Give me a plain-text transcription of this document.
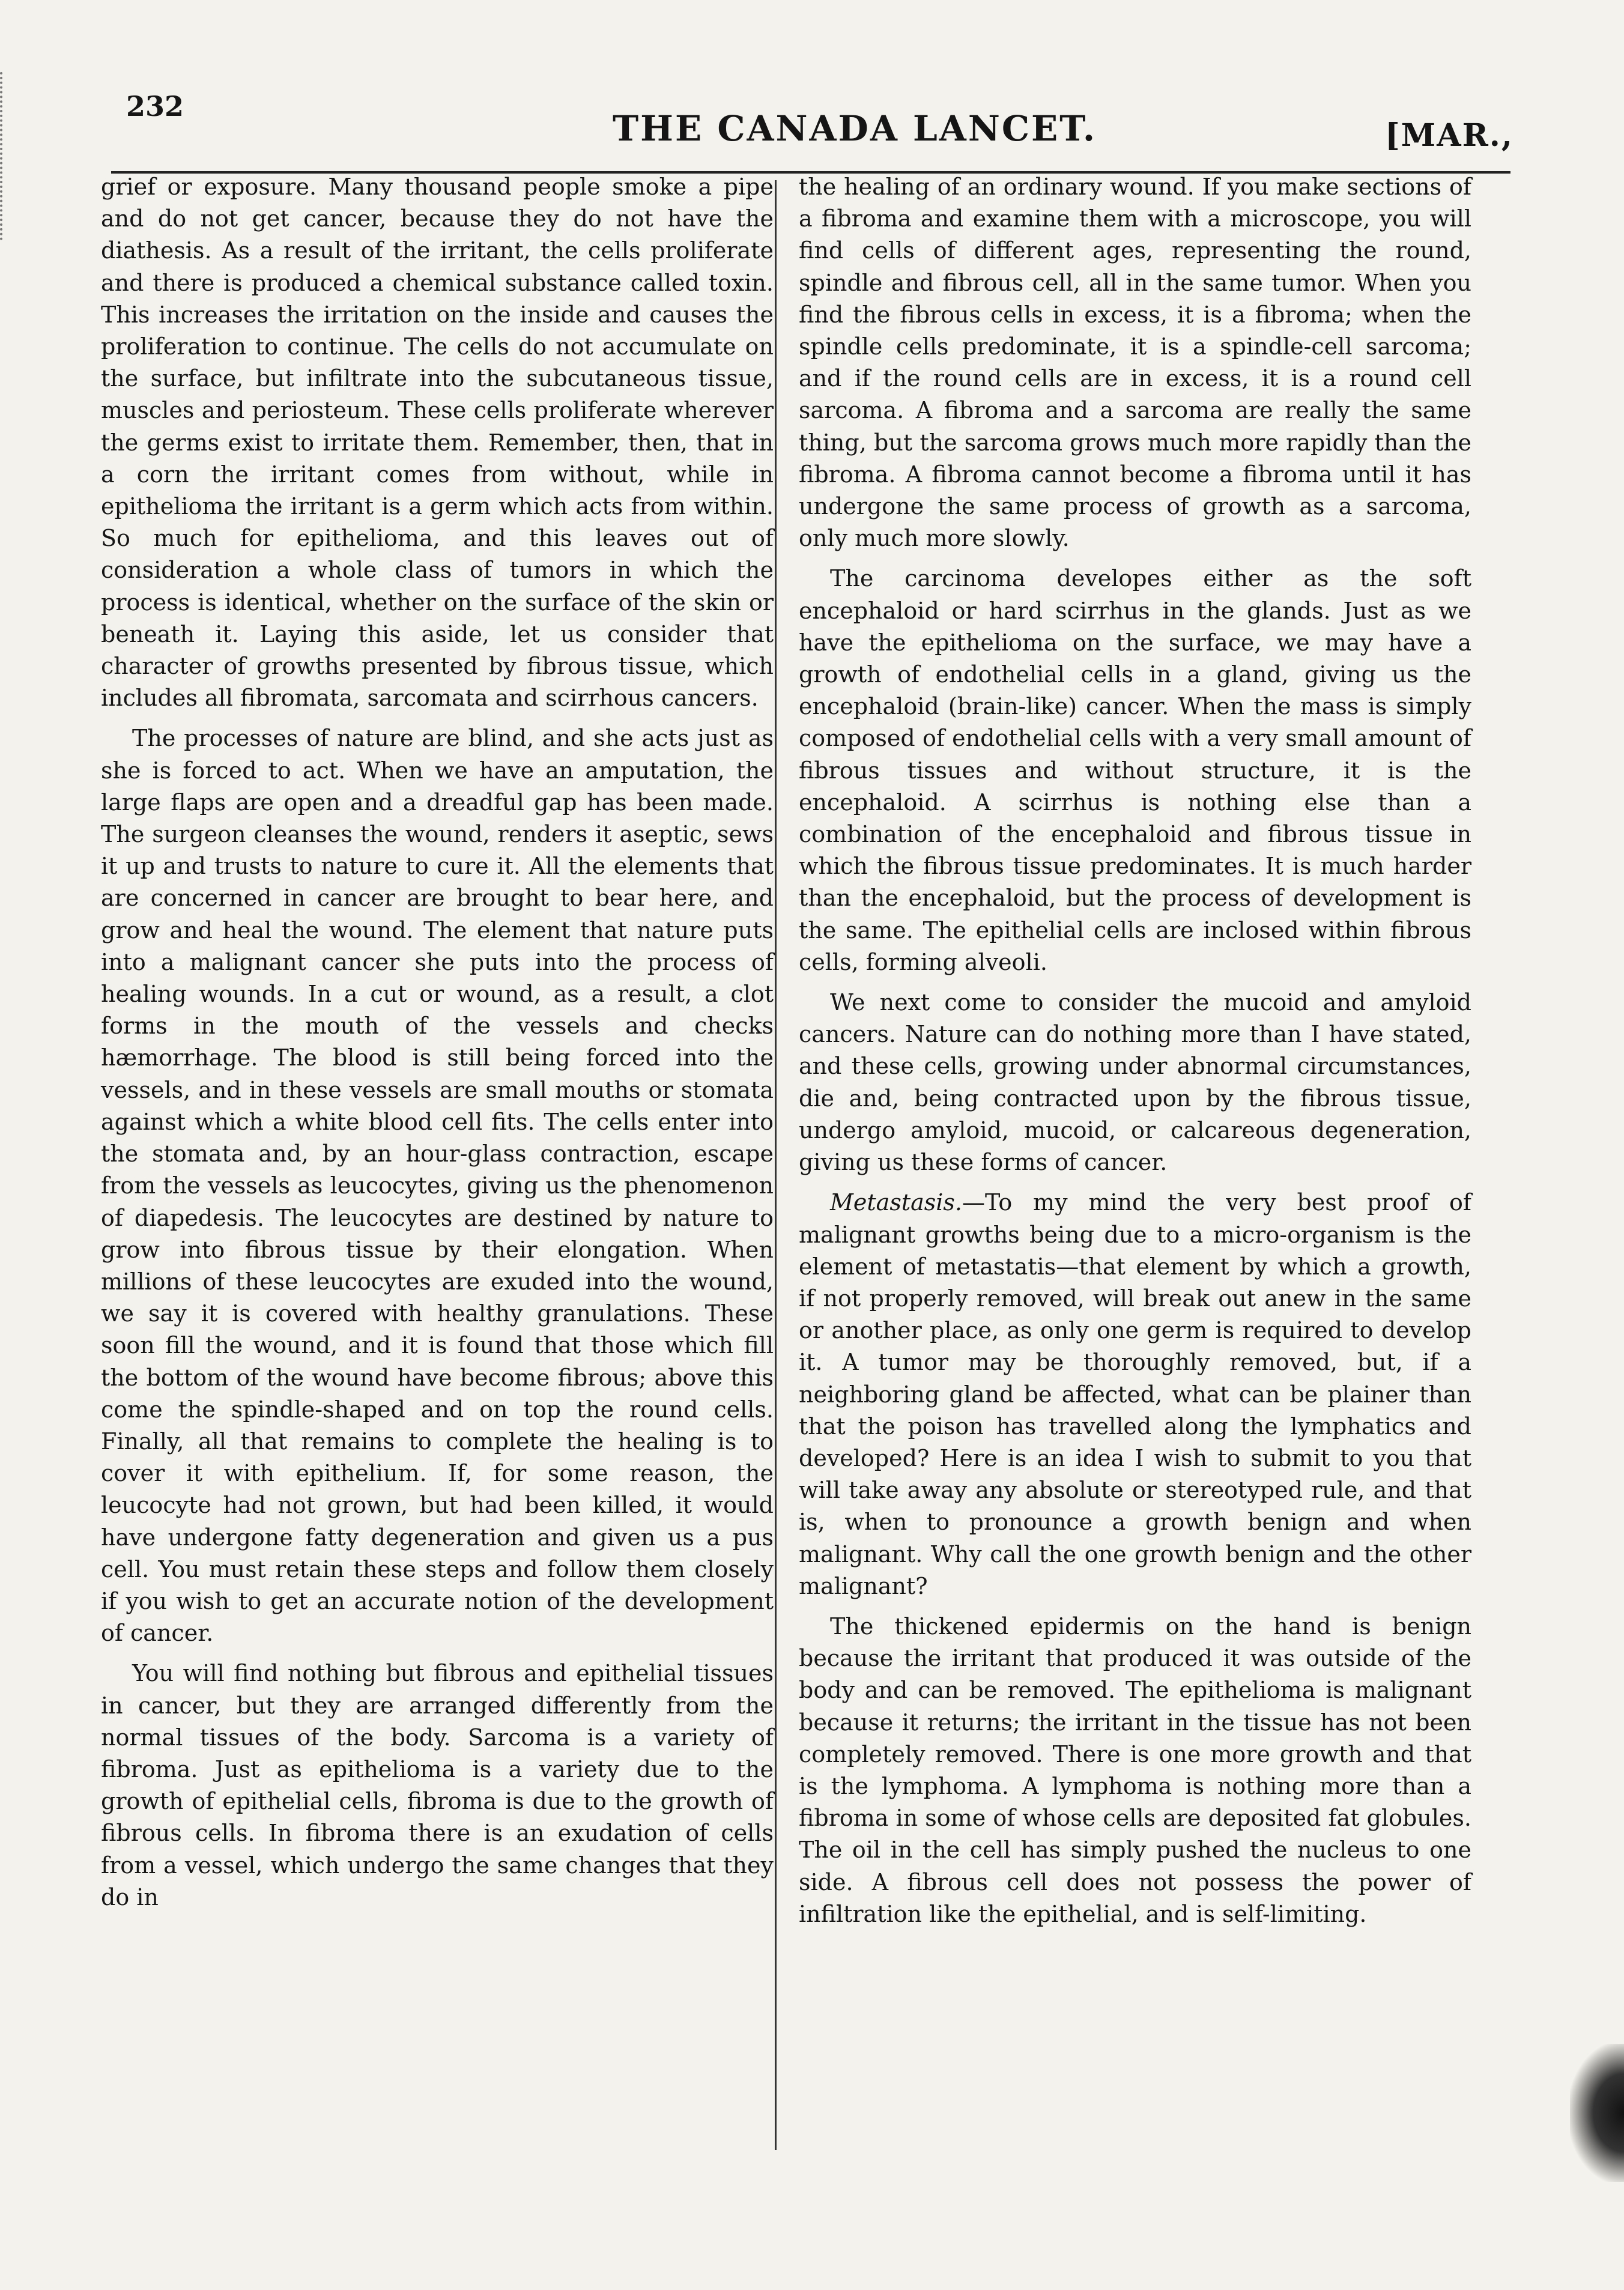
232
THE CANADA LANCET.	[MAR.,

grief or exposure. Many thousand people smoke a pipe and do not get cancer, because they do not have the diathesis. As a result of the irritant, the cells proliferate and there is produced a chemical substance called toxin. This increases the irritation on the inside and causes the proliferation to continue. The cells do not accumulate on the surface, but infiltrate into the subcutaneous tissue, muscles and periosteum. These cells proliferate wherever the germs exist to irritate them. Remember, then, that in a corn the irritant comes from without, while in epithelioma the irritant is a germ which acts from within. So much for epithelioma, and this leaves out of consideration a whole class of tumors in which the process is identical, whether on the surface of the skin or beneath it. Laying this aside, let us consider that character of growths presented by fibrous tissue, which includes all fibromata, sarcomata and scirrhous cancers.

The processes of nature are blind, and she acts just as she is forced to act. When we have an amputation, the large flaps are open and a dreadful gap has been made. The surgeon cleanses the wound, renders it aseptic, sews it up and trusts to nature to cure it. All the elements that are concerned in cancer are brought to bear here, and grow and heal the wound. The element that nature puts into a malignant cancer she puts into the process of healing wounds. In a cut or wound, as a result, a clot forms in the mouth of the vessels and checks hæmorrhage. The blood is still being forced into the vessels, and in these vessels are small mouths or stomata against which a white blood cell fits. The cells enter into the stomata and, by an hour-glass contraction, escape from the vessels as leucocytes, giving us the phenomenon of diapedesis. The leucocytes are destined by nature to grow into fibrous tissue by their elongation. When millions of these leucocytes are exuded into the wound, we say it is covered with healthy granulations. These soon fill the wound, and it is found that those which fill the bottom of the wound have become fibrous; above this come the spindle-shaped and on top the round cells. Finally, all that remains to complete the healing is to cover it with epithelium. If, for some reason, the leucocyte had not grown, but had been killed, it would have undergone fatty degeneration and given us a pus cell. You must retain these steps and follow them closely if you wish to get an accurate notion of the development of cancer.

You will find nothing but fibrous and epithelial tissues in cancer, but they are arranged differently from the normal tissues of the body. Sarcoma is a variety of fibroma. Just as epithelioma is a variety due to the growth of epithelial cells, fibroma is due to the growth of fibrous cells. In fibroma there is an exudation of cells from a vessel, which undergo the same changes that they do in

the healing of an ordinary wound. If you make sections of a fibroma and examine them with a microscope, you will find cells of different ages, representing the round, spindle and fibrous cell, all in the same tumor. When you find the fibrous cells in excess, it is a fibroma; when the spindle cells predominate, it is a spindle-cell sarcoma; and if the round cells are in excess, it is a round cell sarcoma. A fibroma and a sarcoma are really the same thing, but the sarcoma grows much more rapidly than the fibroma. A fibroma cannot become a fibroma until it has undergone the same process of growth as a sarcoma, only much more slowly.

The carcinoma developes either as the soft encephaloid or hard scirrhus in the glands. Just as we have the epithelioma on the surface, we may have a growth of endothelial cells in a gland, giving us the encephaloid (brain-like) cancer. When the mass is simply composed of endothelial cells with a very small amount of fibrous tissues and without structure, it is the encephaloid. A scirrhus is nothing else than a combination of the encephaloid and fibrous tissue in which the fibrous tissue predominates. It is much harder than the encephaloid, but the process of development is the same. The epithelial cells are inclosed within fibrous cells, forming alveoli.

We next come to consider the mucoid and amyloid cancers. Nature can do nothing more than I have stated, and these cells, growing under abnormal circumstances, die and, being contracted upon by the fibrous tissue, undergo amyloid, mucoid, or calcareous degeneration, giving us these forms of cancer.

Metastasis.—To my mind the very best proof of malignant growths being due to a micro-organism is the element of metastatis—that element by which a growth, if not properly removed, will break out anew in the same or another place, as only one germ is required to develop it. A tumor may be thoroughly removed, but, if a neighboring gland be affected, what can be plainer than that the poison has travelled along the lymphatics and developed? Here is an idea I wish to submit to you that will take away any absolute or stereotyped rule, and that is, when to pronounce a growth benign and when malignant. Why call the one growth benign and the other malignant?

The thickened epidermis on the hand is benign because the irritant that produced it was outside of the body and can be removed. The epithelioma is malignant because it returns; the irritant in the tissue has not been completely removed. There is one more growth and that is the lymphoma. A lymphoma is nothing more than a fibroma in some of whose cells are deposited fat globules. The oil in the cell has simply pushed the nucleus to one side. A fibrous cell does not possess the power of infiltration like the epithelial, and is self-limiting.
